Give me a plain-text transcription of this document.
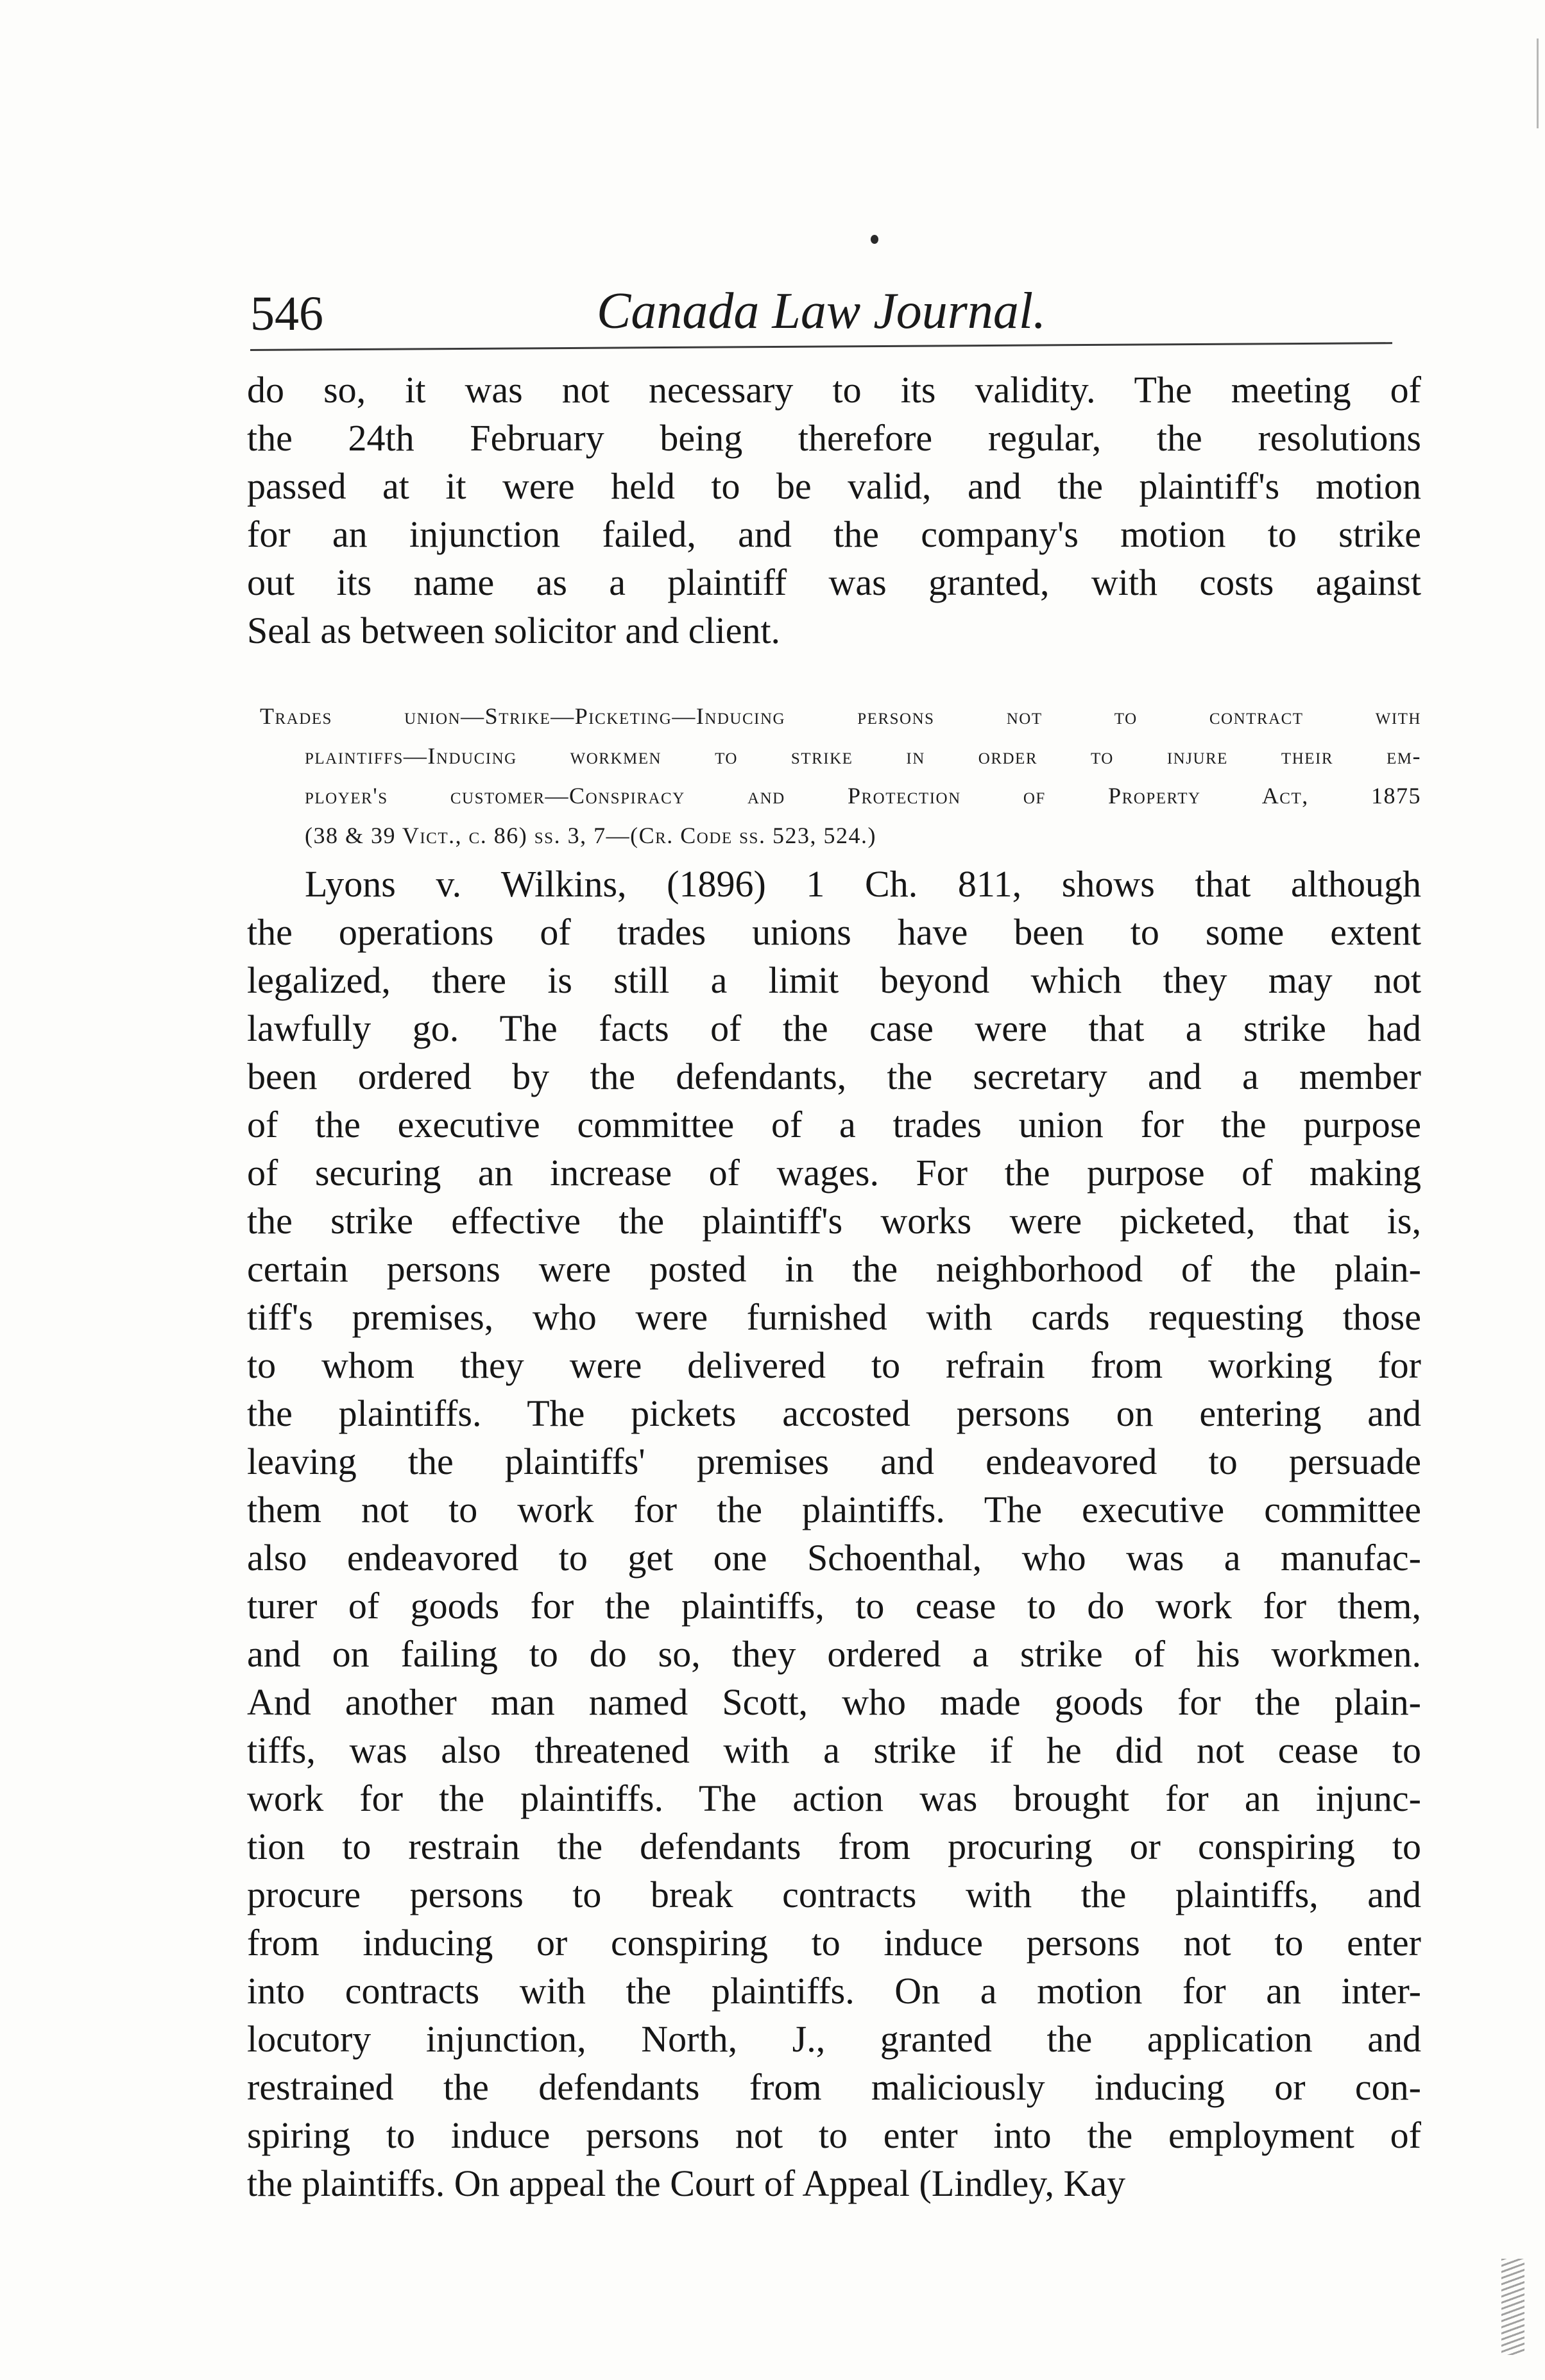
546	Canada Law Journal.
do so, it was not necessary to its validity. The meeting of
the 24th February being therefore regular, the resolutions
passed at it were held to be valid, and the plaintiff's motion
for an injunction failed, and the company's motion to strike
out its name as a plaintiff was granted, with costs against
Seal as between solicitor and client.
Trades union—Strike—Picketing—Inducing persons not to contract with
plaintiffs—Inducing workmen to strike in order to injure their em-
ployer's customer—Conspiracy and Protection of Property Act, 1875
(38 & 39 Vict., c. 86) ss. 3, 7—(Cr. Code ss. 523, 524.)
Lyons v. Wilkins, (1896) 1 Ch. 811, shows that although
the operations of trades unions have been to some extent
legalized, there is still a limit beyond which they may not
lawfully go. The facts of the case were that a strike had
been ordered by the defendants, the secretary and a member
of the executive committee of a trades union for the purpose
of securing an increase of wages. For the purpose of making
the strike effective the plaintiff's works were picketed, that is,
certain persons were posted in the neighborhood of the plain-
tiff's premises, who were furnished with cards requesting those
to whom they were delivered to refrain from working for
the plaintiffs. The pickets accosted persons on entering and
leaving the plaintiffs' premises and endeavored to persuade
them not to work for the plaintiffs. The executive committee
also endeavored to get one Schoenthal, who was a manufac-
turer of goods for the plaintiffs, to cease to do work for them,
and on failing to do so, they ordered a strike of his workmen.
And another man named Scott, who made goods for the plain-
tiffs, was also threatened with a strike if he did not cease to
work for the plaintiffs. The action was brought for an injunc-
tion to restrain the defendants from procuring or conspiring to
procure persons to break contracts with the plaintiffs, and
from inducing or conspiring to induce persons not to enter
into contracts with the plaintiffs. On a motion for an inter-
locutory injunction, North, J., granted the application and
restrained the defendants from maliciously inducing or con-
spiring to induce persons not to enter into the employment of
the plaintiffs. On appeal the Court of Appeal (Lindley, Kay
